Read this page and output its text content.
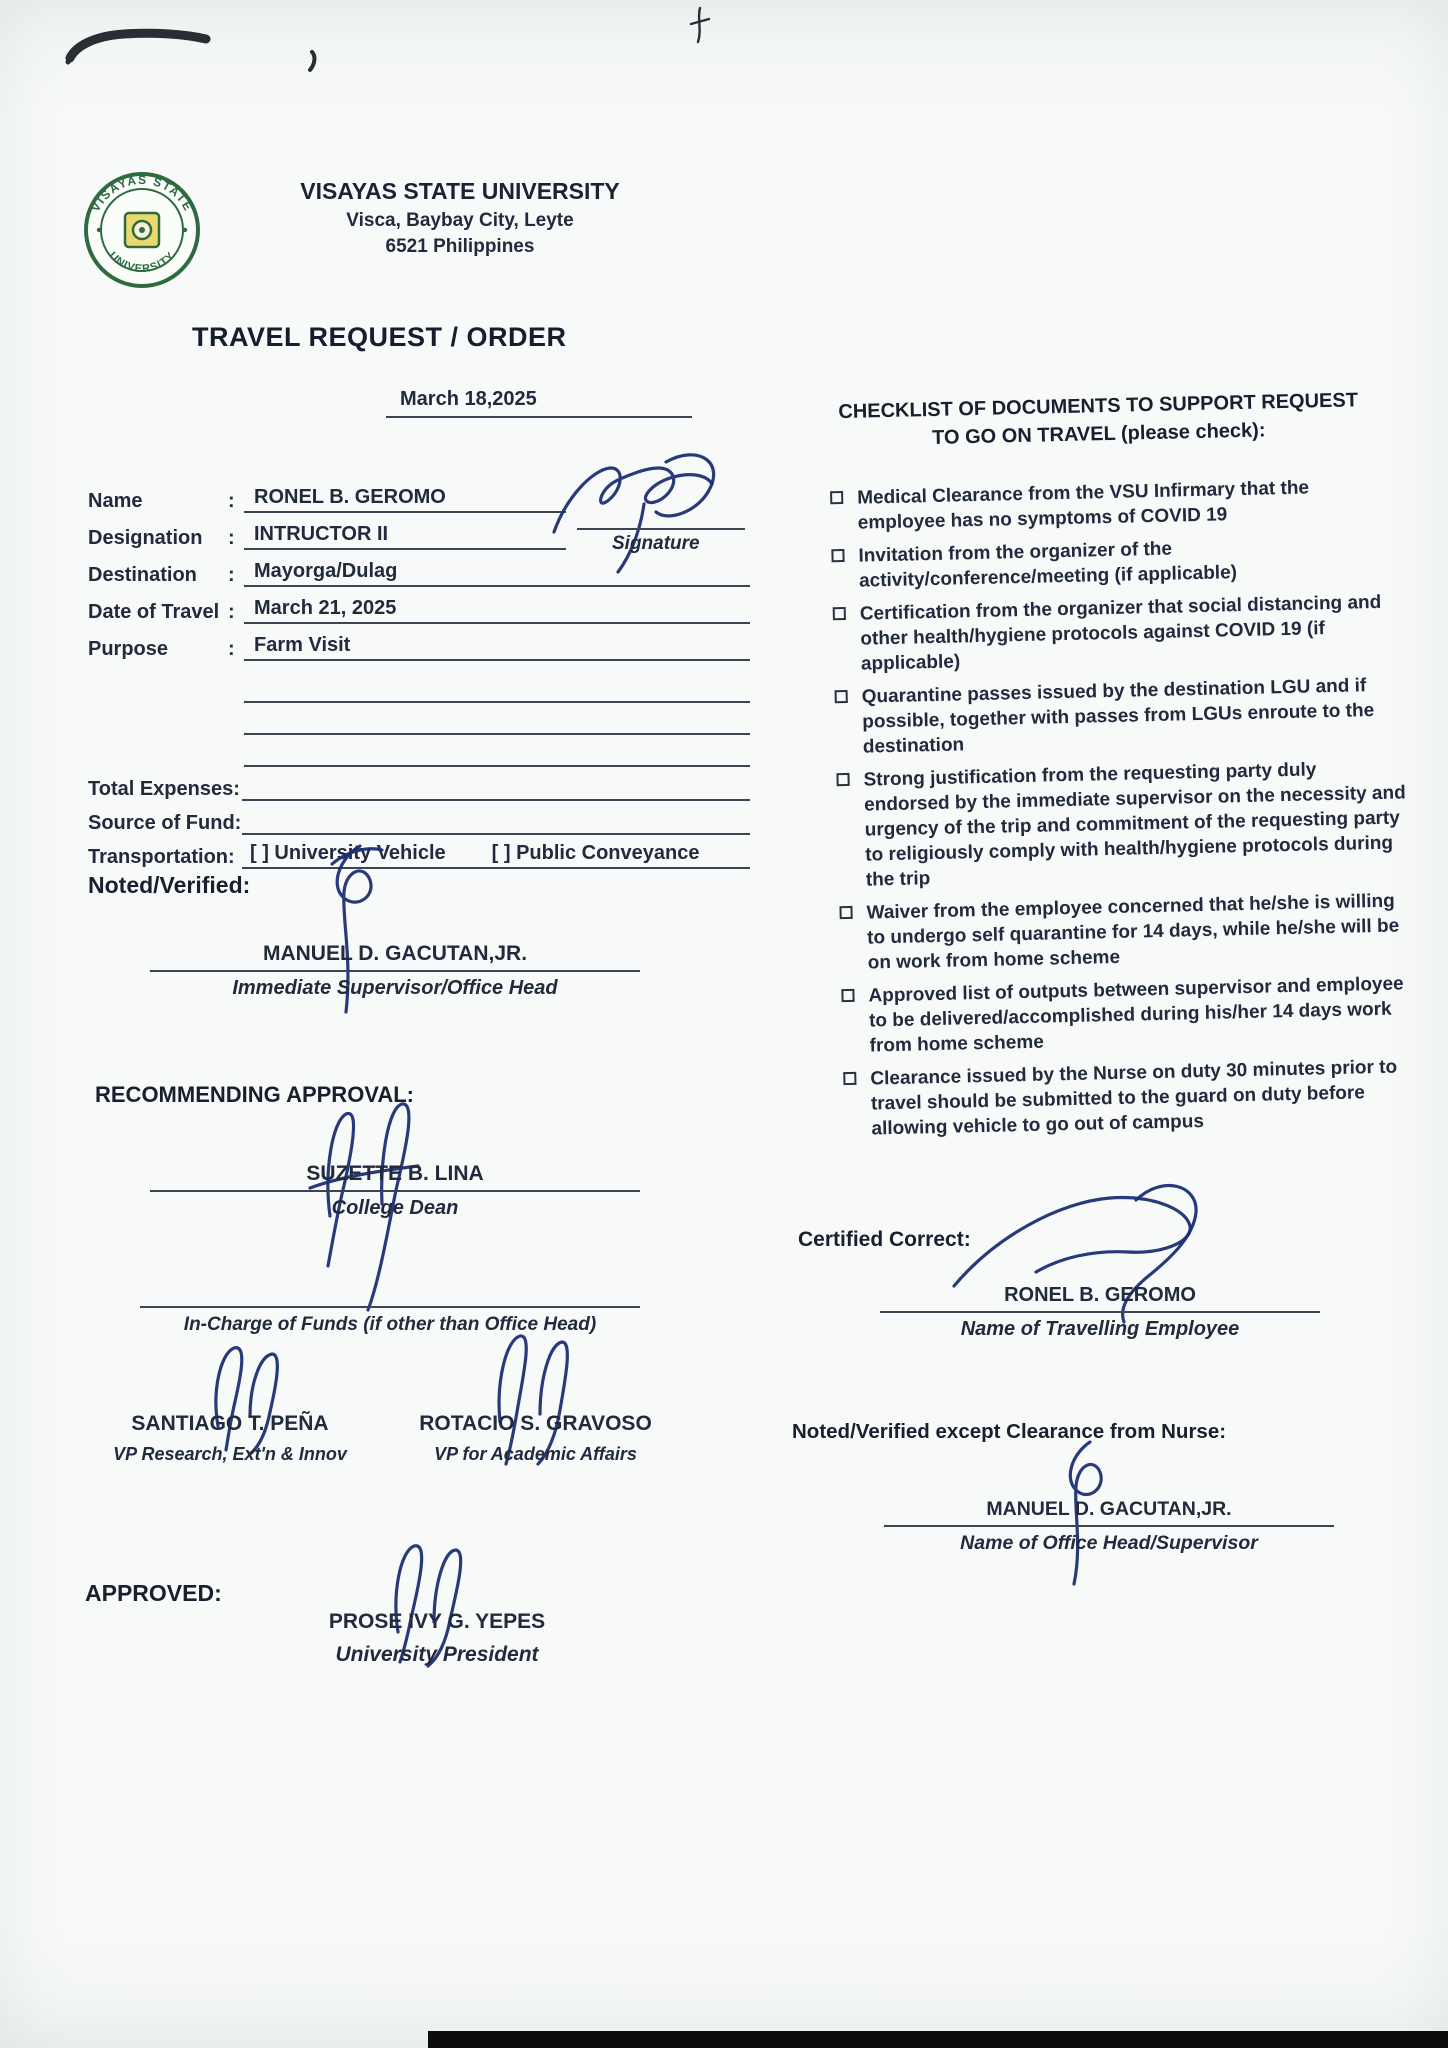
VISAYAS STATE
UNIVERSITY
VISAYAS STATE UNIVERSITY
Visca, Baybay City, Leyte
6521 Philippines
TRAVEL REQUEST / ORDER
March 18,2025
Name :	RONEL B. GEROMO
Designation :	INTRUCTOR II
Destination :	Mayorga/Dulag
Date of Travel :	March 21, 2025
Purpose :	Farm Visit
Total Expenses:
Source of Fund:
Transportation: [ ] University Vehicle [ ] Public Conveyance
Signature
Noted/Verified:
MANUEL D. GACUTAN,JR.
Immediate Supervisor/Office Head
RECOMMENDING APPROVAL:
SUZETTE B. LINA
College Dean
In-Charge of Funds (if other than Office Head)
SANTIAGO T. PEÑA
VP Research, Ext'n & Innov
ROTACIO S. GRAVOSO
VP for Academic Affairs
APPROVED:
PROSE IVY G. YEPES
University President
CHECKLIST OF DOCUMENTS TO SUPPORT REQUEST
TO GO ON TRAVEL (please check):
Medical Clearance from the VSU Infirmary that the employee has no symptoms of COVID 19
Invitation from the organizer of the activity/conference/meeting (if applicable)
Certification from the organizer that social distancing and other health/hygiene protocols against COVID 19 (if applicable)
Quarantine passes issued by the destination LGU and if possible, together with passes from LGUs enroute to the destination
Strong justification from the requesting party duly endorsed by the immediate supervisor on the necessity and urgency of the trip and commitment of the requesting party to religiously comply with health/hygiene protocols during the trip
Waiver from the employee concerned that he/she is willing to undergo self quarantine for 14 days, while he/she will be on work from home scheme
Approved list of outputs between supervisor and employee to be delivered/accomplished during his/her 14 days work from home scheme
Clearance issued by the Nurse on duty 30 minutes prior to travel should be submitted to the guard on duty before allowing vehicle to go out of campus
Certified Correct:
RONEL B. GEROMO
Name of Travelling Employee
Noted/Verified except Clearance from Nurse:
MANUEL D. GACUTAN,JR.
Name of Office Head/Supervisor
